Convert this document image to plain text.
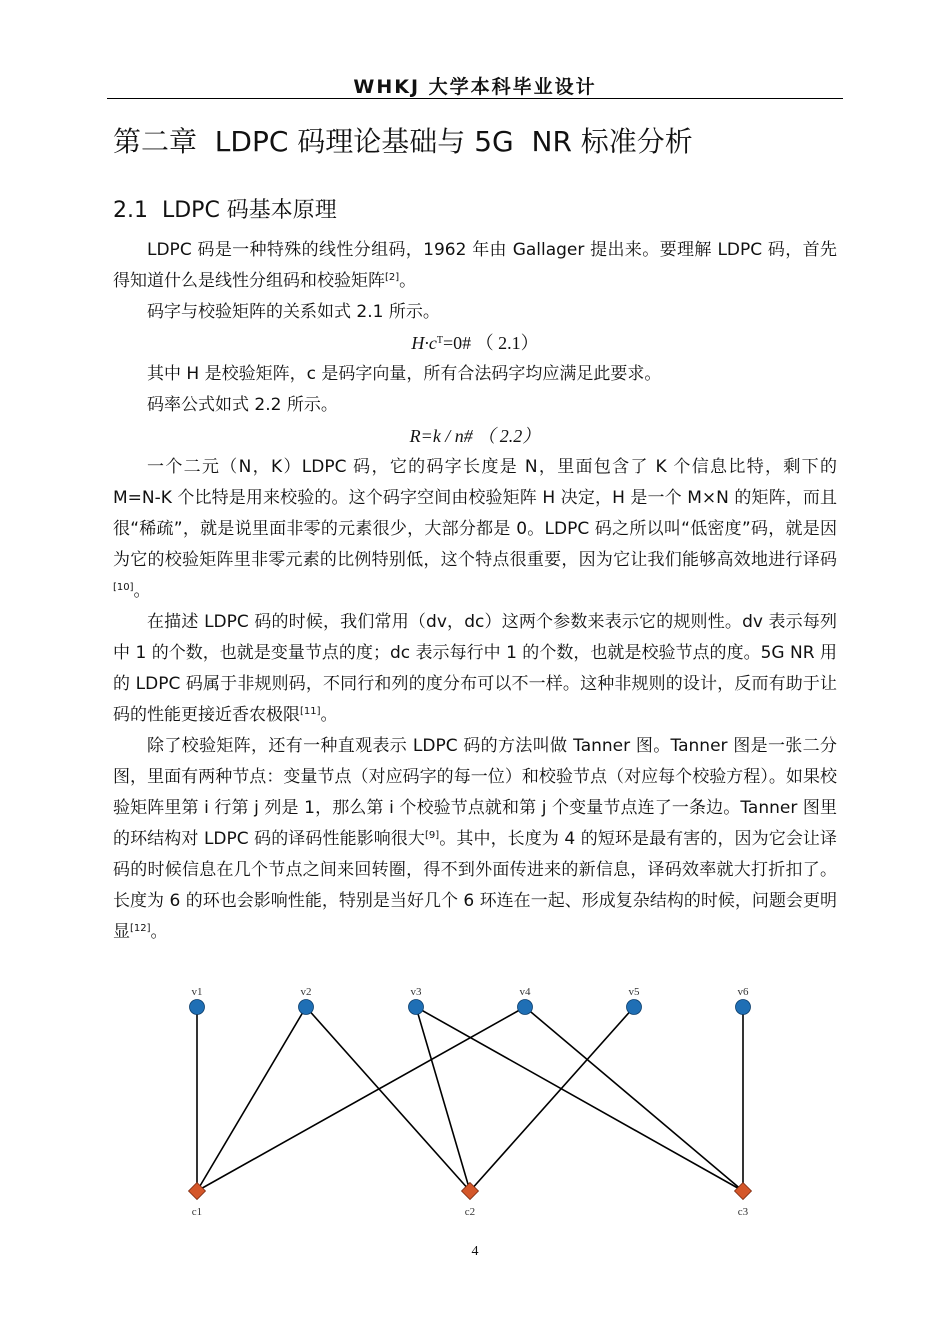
WHKJ 大学本科毕业设计
第二章  LDPC 码理论基础与 5G  NR 标准分析
2.1  LDPC 码基本原理

LDPC 码是一种特殊的线性分组码，1962 年由 Gallager 提出来。要理解 LDPC 码，首先得知道什么是线性分组码和校验矩阵[2]。

码字与校验矩阵的关系如式 2.1 所示。

$H\cdot c^T=0\#$ （ 2.1）

其中 H 是校验矩阵，c 是码字向量，所有合法码字均应满足此要求。

码率公式如式 2.2 所示。

R=k / n# （ 2.2）

一个二元（N，K）LDPC 码，它的码字长度是 N，里面包含了 K 个信息比特，剩下的 M=N-K 个比特是用来校验的。这个码字空间由校验矩阵 H 决定，H 是一个 M×N 的矩阵，而且很“稀疏”，就是说里面非零的元素很少，大部分都是 0。LDPC 码之所以叫“低密度”码，就是因为它的校验矩阵里非零元素的比例特别低，这个特点很重要，因为它让我们能够高效地进行译码[10]。

在描述 LDPC 码的时候，我们常用（dv，dc）这两个参数来表示它的规则性。dv 表示每列中 1 的个数，也就是变量节点的度；dc 表示每行中 1 的个数，也就是校验节点的度。5G NR 用的 LDPC 码属于非规则码，不同行和列的度分布可以不一样。这种非规则的设计，反而有助于让码的性能更接近香农极限[11]。

除了校验矩阵，还有一种直观表示 LDPC 码的方法叫做 Tanner 图。Tanner 图是一张二分图，里面有两种节点：变量节点（对应码字的每一位）和校验节点（对应每个校验方程）。如果校验矩阵里第 i 行第 j 列是 1，那么第 i 个校验节点就和第 j 个变量节点连了一条边。Tanner 图里的环结构对 LDPC 码的译码性能影响很大[9]。其中，长度为 4 的短环是最有害的，因为它会让译码的时候信息在几个节点之间来回转圈，得不到外面传进来的新信息，译码效率就大打折扣了。长度为 6 的环也会影响性能，特别是当好几个 6 环连在一起、形成复杂结构的时候，问题会更明显[12]。

v1	v2	v3	v4	v5	v6
c1	c2	c3
4
